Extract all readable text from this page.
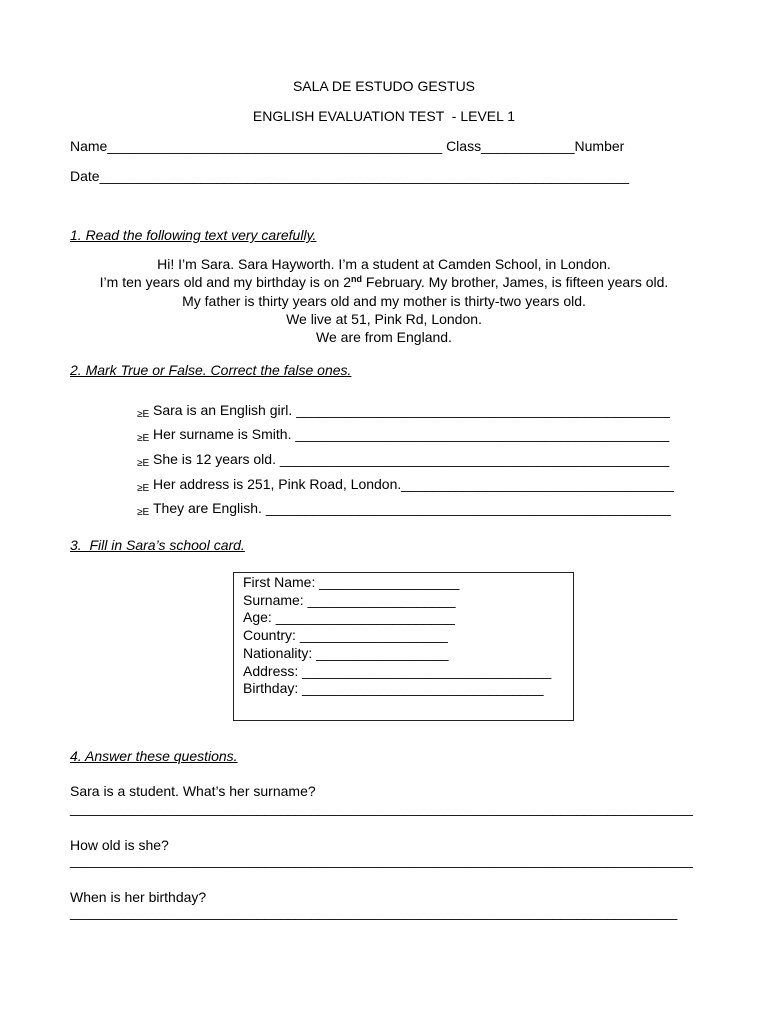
SALA DE ESTUDO GESTUS
ENGLISH EVALUATION TEST  - LEVEL 1
Name___________________________________________ Class____________Number
Date____________________________________________________________________
1. Read the following text very carefully.
Hi! I’m Sara. Sara Hayworth. I’m a student at Camden School, in London.
I’m ten years old and my birthday is on 2nd February. My brother, James, is fifteen years old.
My father is thirty years old and my mother is thirty-two years old.
We live at 51, Pink Rd, London.
We are from England.
2. Mark True or False. Correct the false ones.
≥E Sara is an English girl. ________________________________________________
≥E Her surname is Smith. ________________________________________________
≥E She is 12 years old. __________________________________________________
≥E Her address is 251, Pink Road, London.___________________________________
≥E They are English. ____________________________________________________
3.  Fill in Sara’s school card.
First Name: __________________
Surname: ___________________
Age: _______________________
Country: ___________________
Nationality: _________________
Address: ________________________________
Birthday: _______________________________
4. Answer these questions.
Sara is a student. What’s her surname?
________________________________________________________________________________
How old is she?
________________________________________________________________________________
When is her birthday?
______________________________________________________________________________
